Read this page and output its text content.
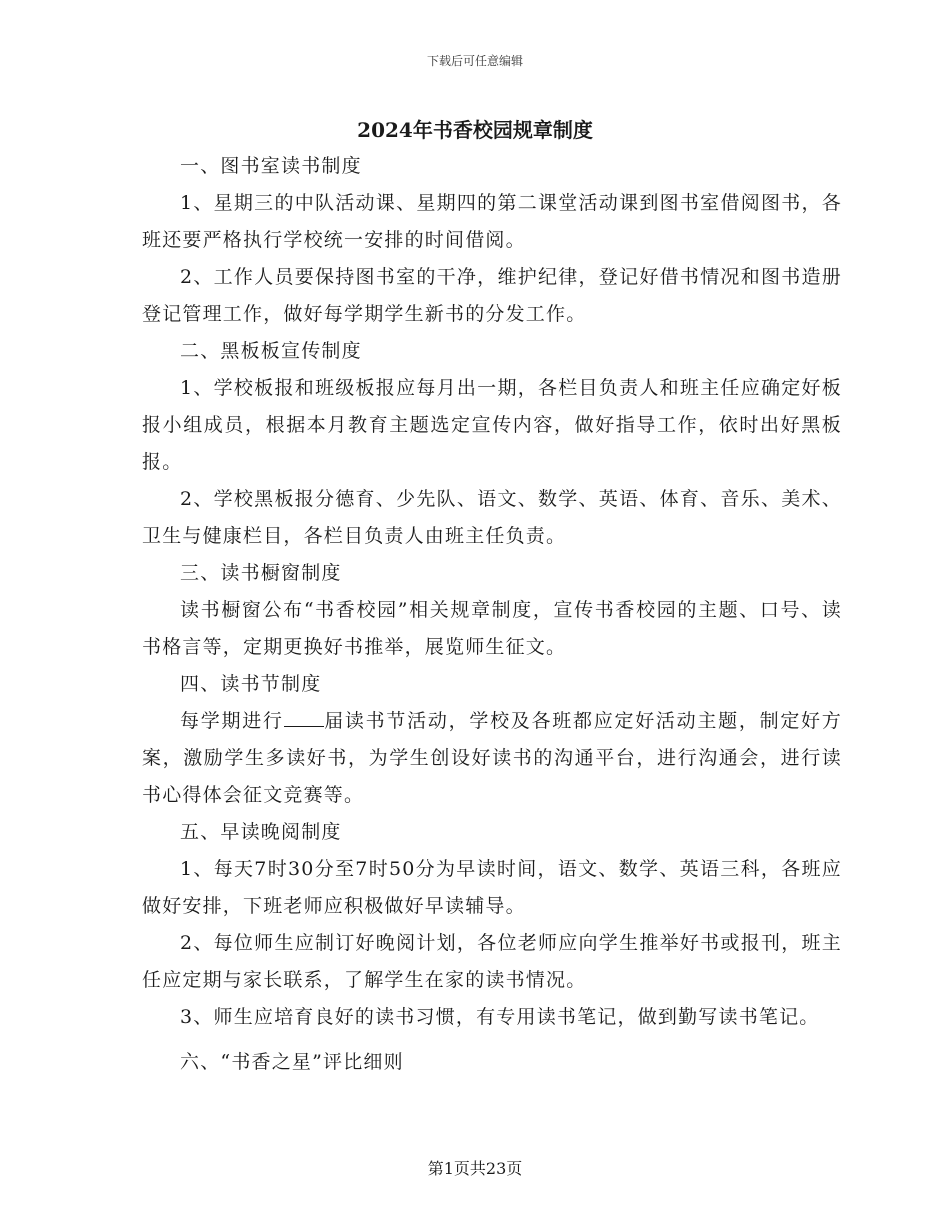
下载后可任意编辑
2024年书香校园规章制度

一、图书室读书制度

1、星期三的中队活动课、星期四的第二课堂活动课到图书室借阅图书，各班还要严格执行学校统一安排的时间借阅。

2、工作人员要保持图书室的干净，维护纪律，登记好借书情况和图书造册登记管理工作，做好每学期学生新书的分发工作。

二、黑板板宣传制度

1、学校板报和班级板报应每月出一期，各栏目负责人和班主任应确定好板报小组成员，根据本月教育主题选定宣传内容，做好指导工作，依时出好黑板报。

2、学校黑板报分德育、少先队、语文、数学、英语、体育、音乐、美术、卫生与健康栏目，各栏目负责人由班主任负责。

三、读书橱窗制度

读书橱窗公布“书香校园”相关规章制度，宣传书香校园的主题、口号、读书格言等，定期更换好书推举，展览师生征文。

四、读书节制度

每学期进行 届读书节活动，学校及各班都应定好活动主题，制定好方案，激励学生多读好书，为学生创设好读书的沟通平台，进行沟通会，进行读书心得体会征文竞赛等。

五、早读晚阅制度

1、每天7时30分至7时50分为早读时间，语文、数学、英语三科，各班应做好安排，下班老师应积极做好早读辅导。

2、每位师生应制订好晚阅计划，各位老师应向学生推举好书或报刊，班主任应定期与家长联系，了解学生在家的读书情况。

3、师生应培育良好的读书习惯，有专用读书笔记，做到勤写读书笔记。

六、“书香之星”评比细则

第1页共23页
